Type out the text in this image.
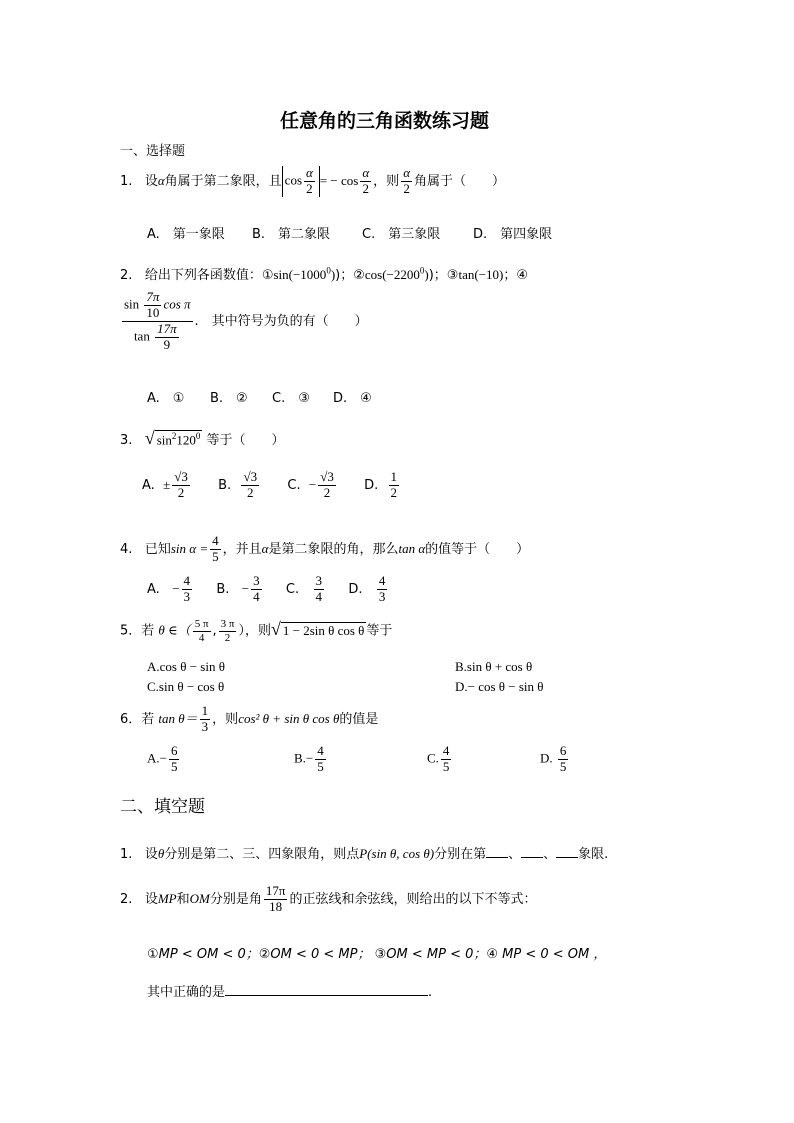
任意角的三角函数练习题
一、选择题
1. 设α角属于第二象限，且 $\cos \frac{\alpha}{2}$ = − $\cos \frac{\alpha}{2}$ ，则 $\frac{\alpha}{2}$ 角属于（　　）
A.　第一象限 B.　第二象限 C.　第三象限	D.　第四象限
2. 给出下列各函数值：$①\sin(-1000^0)$)；$②\cos(-2200^0)$)；③tan(−10)；④
$\frac{\sin \frac{7\pi}{10} \cos \pi}{\tan \frac{17\pi}{9}}$ .　其中符号为负的有（　　）
A.　① B.　② C.　③ D.　④
3. √ $\sin^2120^0$ 等于（　　）
A. ± $\frac{√3}{2} B$. $\frac{√3}{2} C$. − $\frac{√3}{2} D$. $\frac{1}{2}$
4. 已知$\sin \alpha = \frac{4}{5}$ ，并且α是第二象限的角，那么tan α的值等于（　　）
A. − $\frac{4}{3} B$. − $\frac{3}{4} C$. $\frac{3}{4} D$. $\frac{4}{3}$
5．若 θ ∈（ $\frac{5 \pi}{4}$ , $\frac{3 \pi}{2}$ ），则√ 1 − 2sin θ cos θ 等于
A.cos θ − sin θ	B.sin θ + cos θ
C.sin θ − cos θ	D.− cos θ − sin θ
6．若 $\tan \theta= \frac{1}{3}$ ，则cos² θ + sin θ cos θ的值是
$A.- \frac{6}{5}$	$B.- \frac{4}{5}$	C. $\frac{4}{5}$	D. $\frac{6}{5}$
二、填空题
1. 设θ分别是第二、三、四象限角，则点P(sin θ, cos θ)分别在第 、 、 象限.
2. 设MP和OM分别是角 $\frac{17\pi}{18}$ 的正弦线和余弦线，则给出的以下不等式：
①MP < OM < 0；②OM < 0 < MP； ③OM < MP < 0；④ MP < 0 < OM ，
其中正确的是	.
